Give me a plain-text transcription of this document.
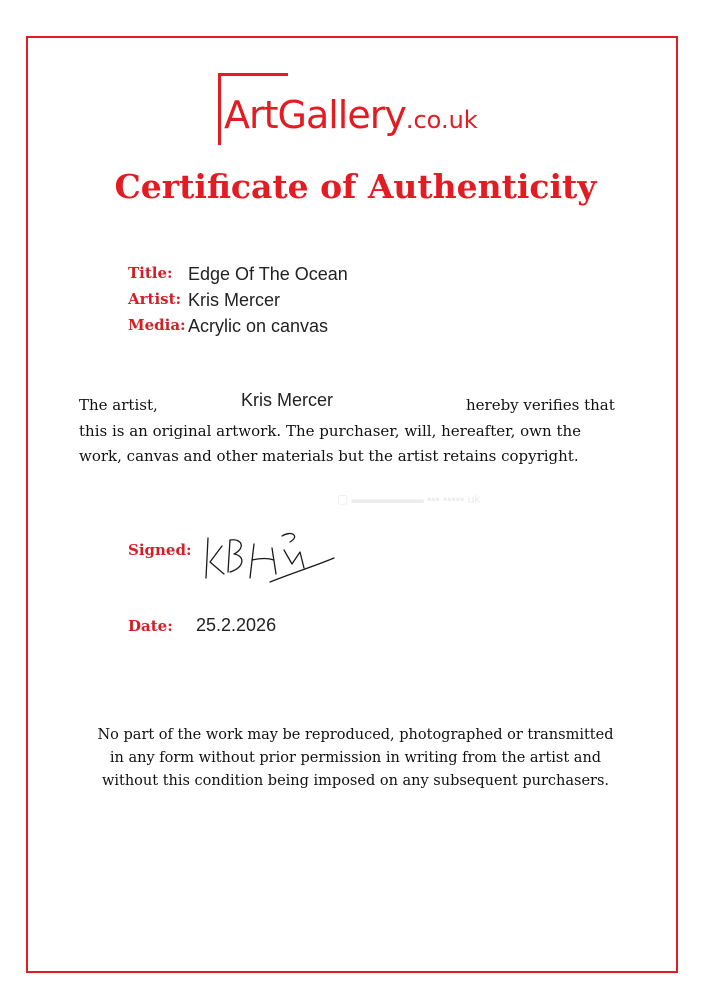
ArtGallery.co.uk
Certificate of Authenticity
Title: Edge Of The Ocean
Artist: Kris Mercer
Media: Acrylic on canvas
The artist,	Kris Mercer	hereby verifies that
this is an original artwork. The purchaser, will, hereafter, own the
work, canvas and other materials but the artist retains copyright.
▢ ▬▬▬▬▬▬ ▪▪▪ ▪▪▪▪▪ uk
Signed:
Date: 25.2.2026
No part of the work may be reproduced, photographed or transmitted
in any form without prior permission in writing from the artist and
without this condition being imposed on any subsequent purchasers.
